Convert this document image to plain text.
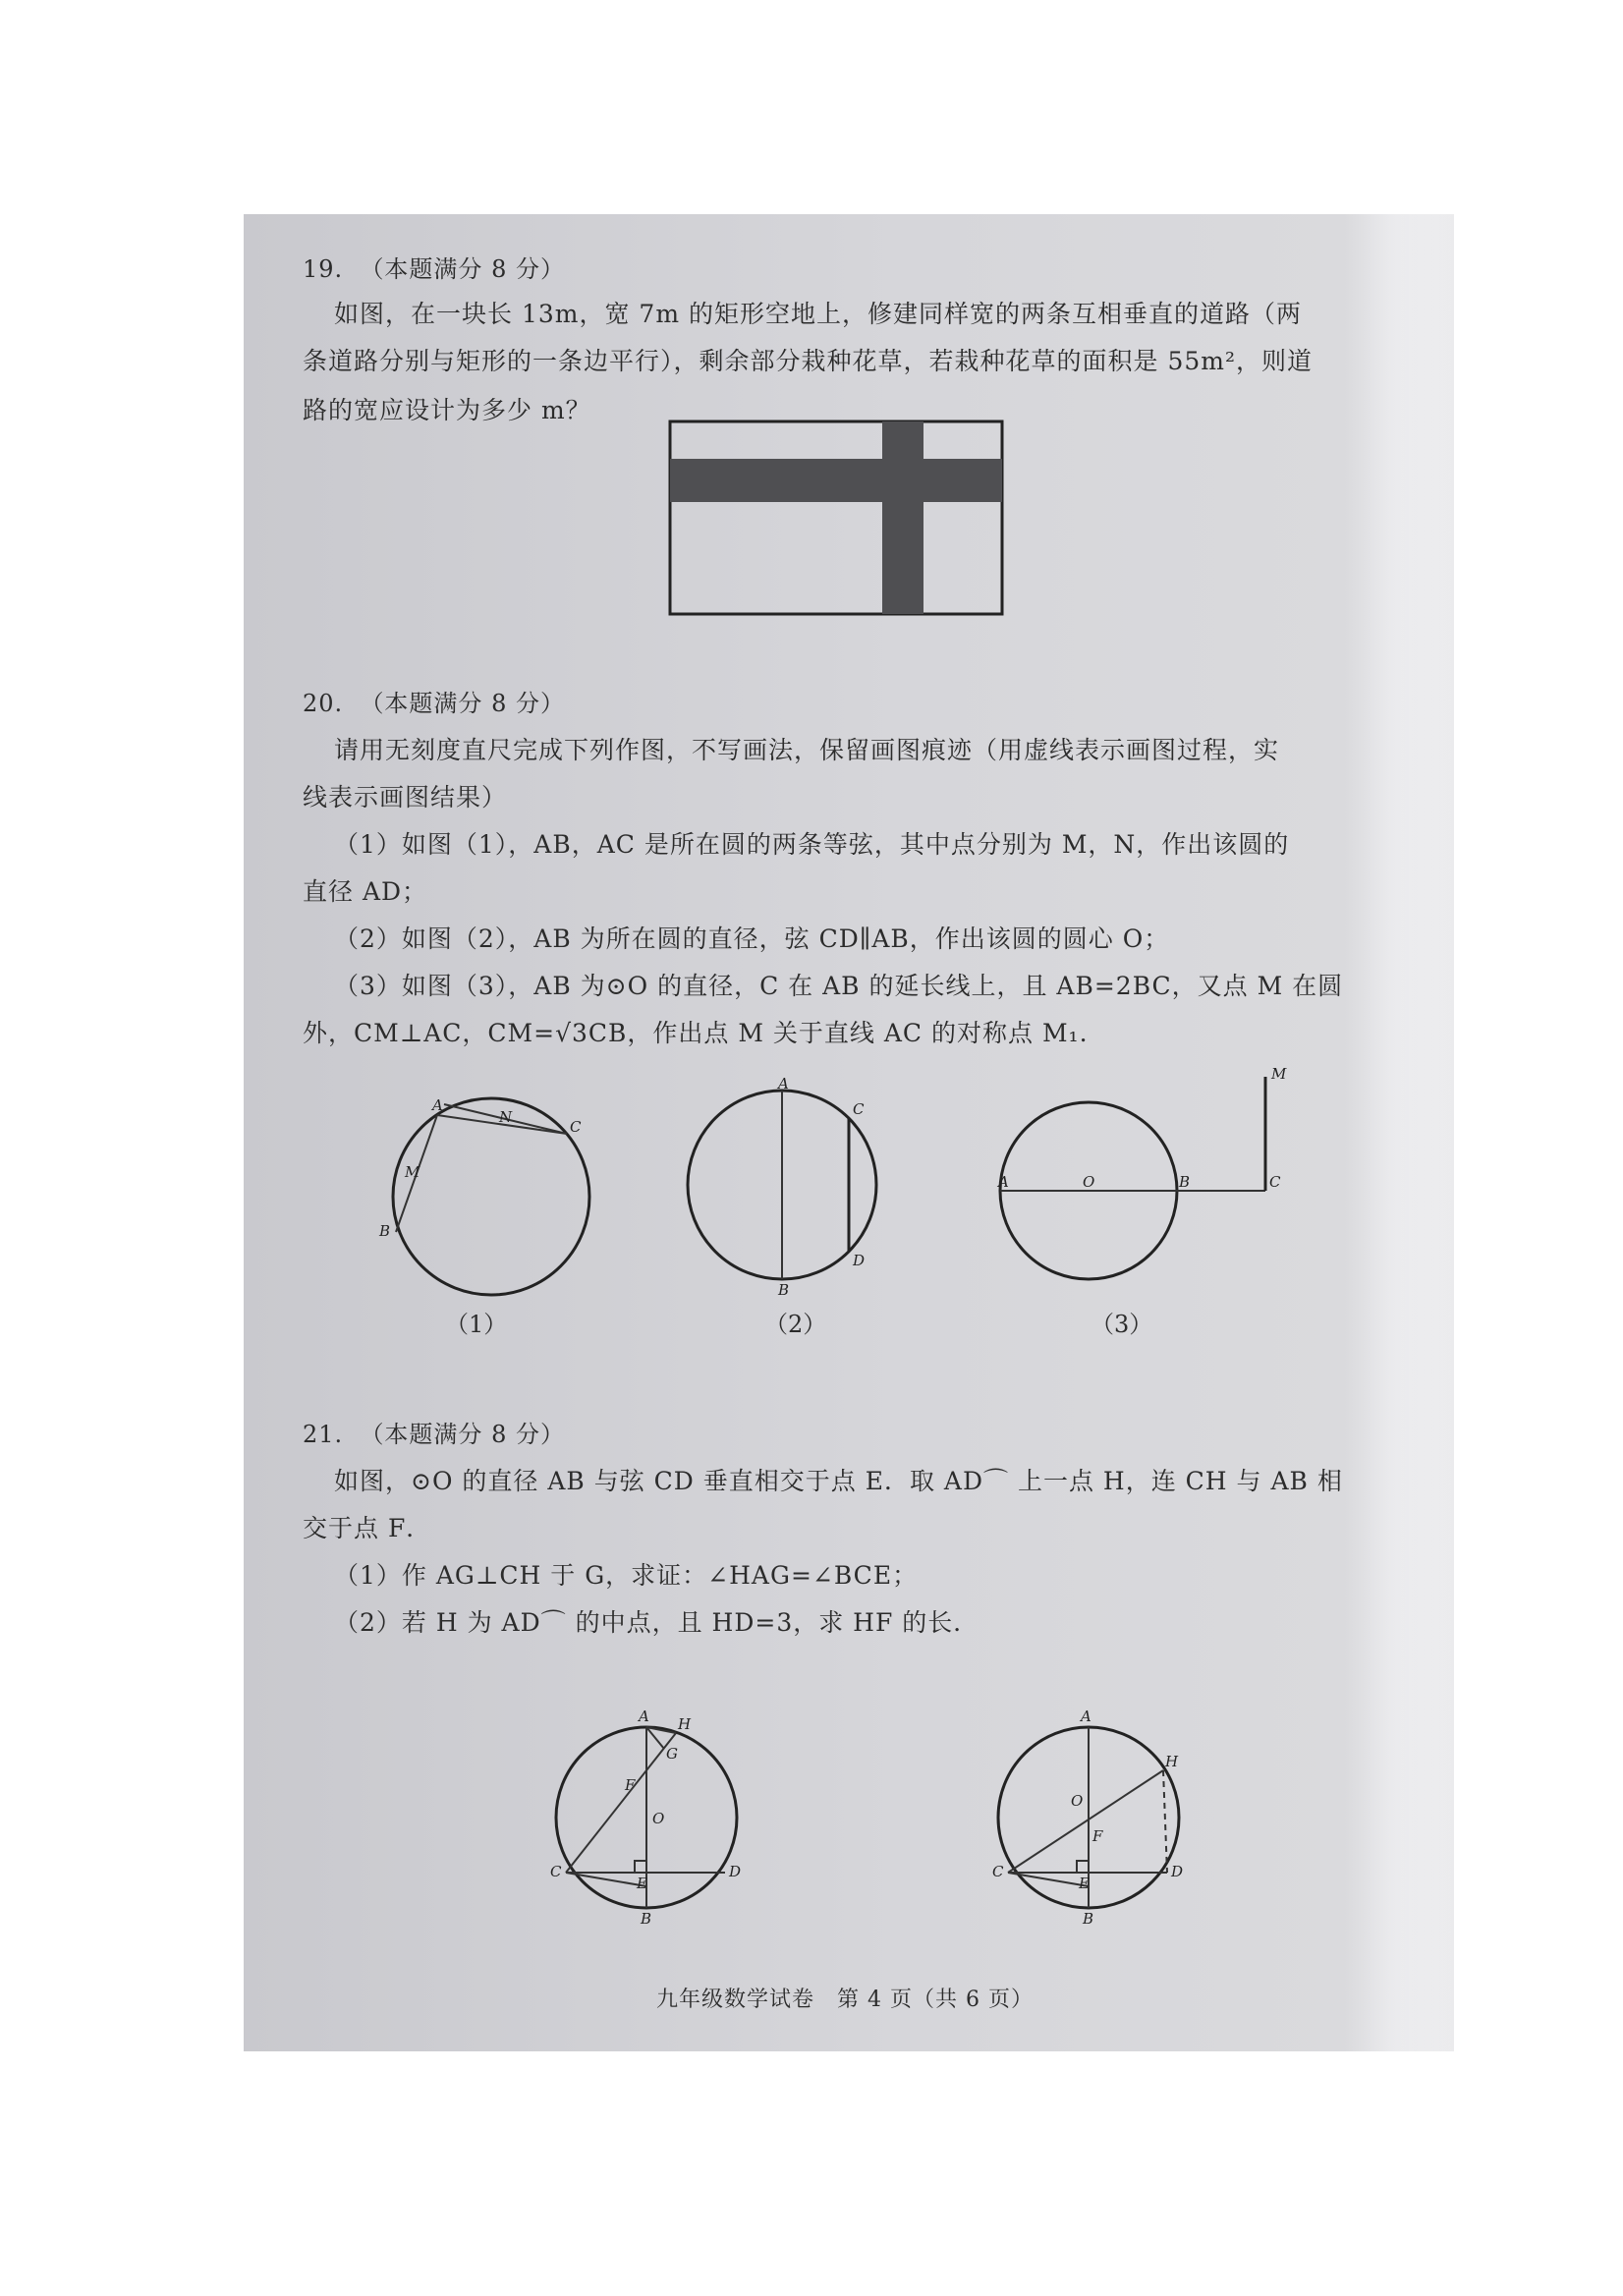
19. （本题满分 8 分）
如图，在一块长 13m，宽 7m 的矩形空地上，修建同样宽的两条互相垂直的道路（两
条道路分别与矩形的一条边平行），剩余部分栽种花草，若栽种花草的面积是 55m²，则道
路的宽应设计为多少 m？
20. （本题满分 8 分）
请用无刻度直尺完成下列作图，不写画法，保留画图痕迹（用虚线表示画图过程，实
线表示画图结果）
（1）如图（1），AB，AC 是所在圆的两条等弦，其中点分别为 M，N，作出该圆的
直径 AD；
（2）如图（2），AB 为所在圆的直径，弦 CD∥AB，作出该圆的圆心 O；
（3）如图（3），AB 为⊙O 的直径，C 在 AB 的延长线上，且 AB=2BC，又点 M 在圆
外，CM⊥AC，CM=√3CB，作出点 M 关于直线 AC 的对称点 M₁.
A
N
C
M
B
（1）
A
C
B
D
（2）
A	O	B	C
M
（3）
21. （本题满分 8 分）
如图，⊙O 的直径 AB 与弦 CD 垂直相交于点 E．取 AD⌒ 上一点 H，连 CH 与 AB 相
交于点 F．
（1）作 AG⊥CH 于 G，求证：∠HAG=∠BCE；
（2）若 H 为 AD⌒ 的中点，且 HD=3，求 HF 的长．
A H
G
F
O
C
E
D
B
A
H
O
F
C
E
D
B
九年级数学试卷　第 4 页（共 6 页）
